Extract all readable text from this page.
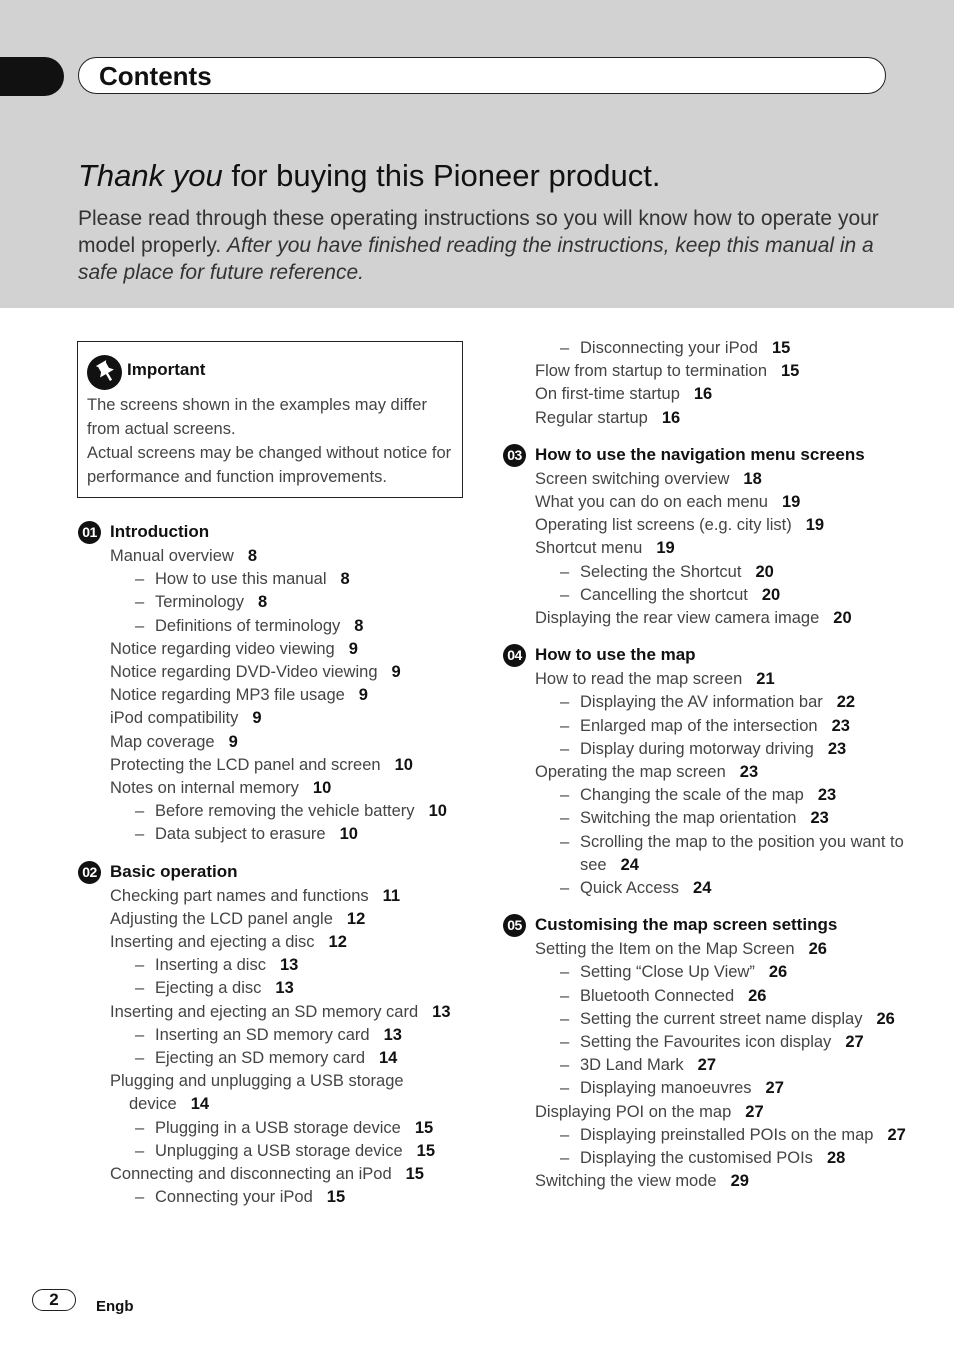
Contents
Thank you for buying this Pioneer product.
Please read through these operating instructions so you will know how to operate your model properly. After you have finished reading the instructions, keep this manual in a safe place for future reference.
Important
The screens shown in the examples may differ from actual screens.
Actual screens may be changed without notice for performance and function improvements.
01 Introduction
Manual overview 8
– How to use this manual 8
– Terminology 8
– Definitions of terminology 8
Notice regarding video viewing 9
Notice regarding DVD-Video viewing 9
Notice regarding MP3 file usage 9
iPod compatibility 9
Map coverage 9
Protecting the LCD panel and screen 10
Notes on internal memory 10
– Before removing the vehicle battery 10
– Data subject to erasure 10
02 Basic operation
Checking part names and functions 11
Adjusting the LCD panel angle 12
Inserting and ejecting a disc 12
– Inserting a disc 13
– Ejecting a disc 13
Inserting and ejecting an SD memory card 13
– Inserting an SD memory card 13
– Ejecting an SD memory card 14
Plugging and unplugging a USB storage device 14
– Plugging in a USB storage device 15
– Unplugging a USB storage device 15
Connecting and disconnecting an iPod 15
– Connecting your iPod 15
– Disconnecting your iPod 15
Flow from startup to termination 15
On first-time startup 16
Regular startup 16
03 How to use the navigation menu screens
Screen switching overview 18
What you can do on each menu 19
Operating list screens (e.g. city list) 19
Shortcut menu 19
– Selecting the Shortcut 20
– Cancelling the shortcut 20
Displaying the rear view camera image 20
04 How to use the map
How to read the map screen 21
– Displaying the AV information bar 22
– Enlarged map of the intersection 23
– Display during motorway driving 23
Operating the map screen 23
– Changing the scale of the map 23
– Switching the map orientation 23
– Scrolling the map to the position you want to see 24
– Quick Access 24
05 Customising the map screen settings
Setting the Item on the Map Screen 26
– Setting “Close Up View” 26
– Bluetooth Connected 26
– Setting the current street name display 26
– Setting the Favourites icon display 27
– 3D Land Mark 27
– Displaying manoeuvres 27
Displaying POI on the map 27
– Displaying preinstalled POIs on the map 27
– Displaying the customised POIs 28
Switching the view mode 29
2	Engb
